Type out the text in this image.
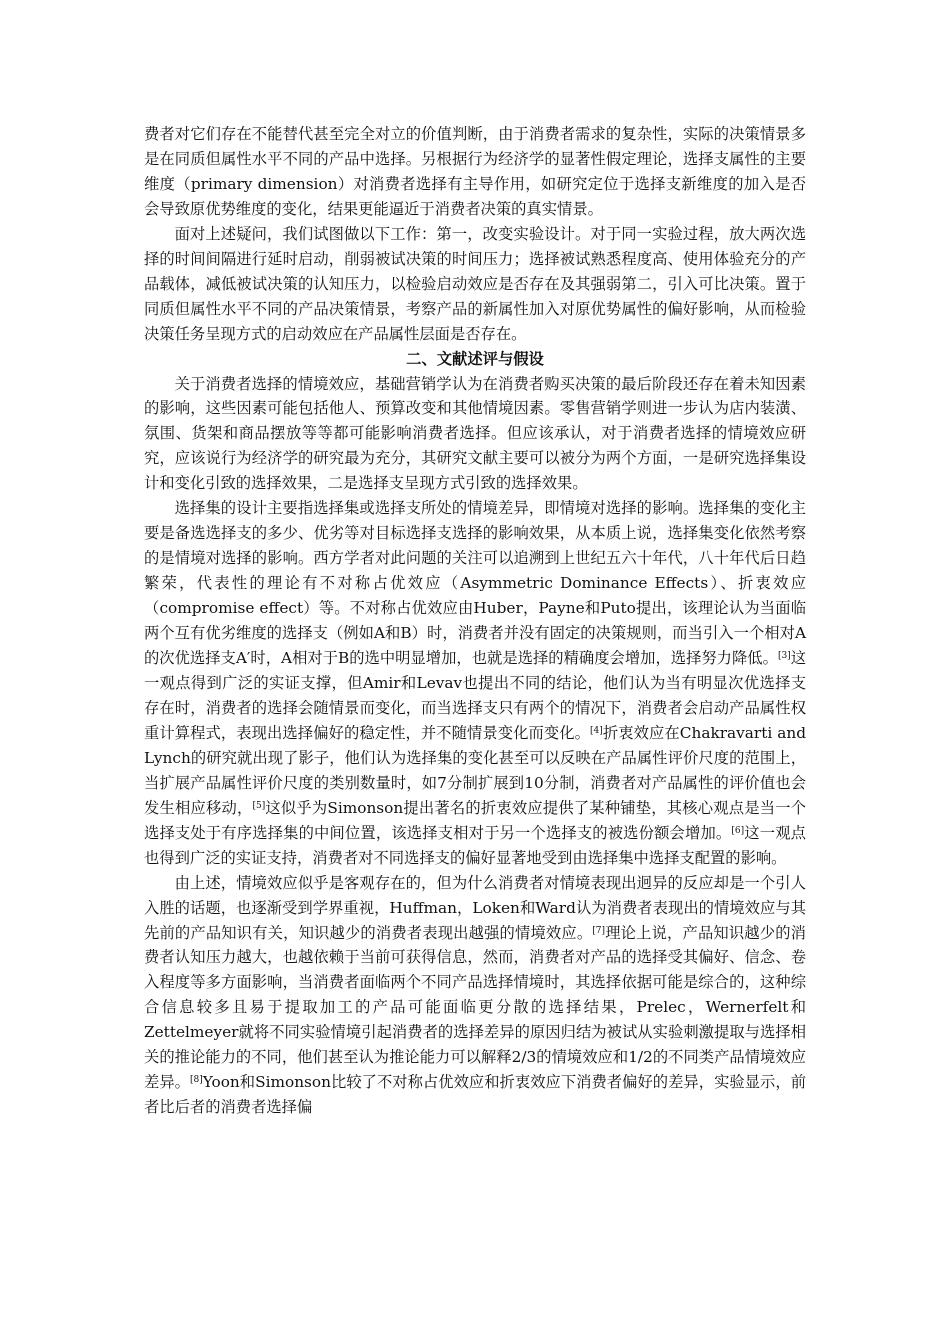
费者对它们存在不能替代甚至完全对立的价值判断，由于消费者需求的复杂性，实际的决策情景多是在同质但属性水平不同的产品中选择。另根据行为经济学的显著性假定理论，选择支属性的主要维度（primary dimension）对消费者选择有主导作用，如研究定位于选择支新维度的加入是否会导致原优势维度的变化，结果更能逼近于消费者决策的真实情景。

面对上述疑问，我们试图做以下工作：第一，改变实验设计。对于同一实验过程，放大两次选择的时间间隔进行延时启动，削弱被试决策的时间压力；选择被试熟悉程度高、使用体验充分的产品载体，减低被试决策的认知压力，以检验启动效应是否存在及其强弱第二，引入可比决策。置于同质但属性水平不同的产品决策情景，考察产品的新属性加入对原优势属性的偏好影响，从而检验决策任务呈现方式的启动效应在产品属性层面是否存在。

二、文献述评与假设

关于消费者选择的情境效应，基础营销学认为在消费者购买决策的最后阶段还存在着未知因素的影响，这些因素可能包括他人、预算改变和其他情境因素。零售营销学则进一步认为店内装潢、氛围、货架和商品摆放等等都可能影响消费者选择。但应该承认，对于消费者选择的情境效应研究，应该说行为经济学的研究最为充分，其研究文献主要可以被分为两个方面，一是研究选择集设计和变化引致的选择效果，二是选择支呈现方式引致的选择效果。

选择集的设计主要指选择集或选择支所处的情境差异，即情境对选择的影响。选择集的变化主要是备选选择支的多少、优劣等对目标选择支选择的影响效果，从本质上说，选择集变化依然考察的是情境对选择的影响。西方学者对此问题的关注可以追溯到上世纪五六十年代，八十年代后日趋繁荣，代表性的理论有不对称占优效应（Asymmetric Dominance Effects）、折衷效应（compromise effect）等。不对称占优效应由Huber，Payne和Puto提出，该理论认为当面临两个互有优劣维度的选择支（例如A和B）时，消费者并没有固定的决策规则，而当引入一个相对A的次优选择支A′时，A相对于B的选中明显增加，也就是选择的精确度会增加，选择努力降低。[3]这一观点得到广泛的实证支撑，但Amir和Levav也提出不同的结论，他们认为当有明显次优选择支存在时，消费者的选择会随情景而变化，而当选择支只有两个的情况下，消费者会启动产品属性权重计算程式，表现出选择偏好的稳定性，并不随情景变化而变化。[4]折衷效应在Chakravarti and Lynch的研究就出现了影子，他们认为选择集的变化甚至可以反映在产品属性评价尺度的范围上，当扩展产品属性评价尺度的类别数量时，如7分制扩展到10分制，消费者对产品属性的评价值也会发生相应移动，[5]这似乎为Simonson提出著名的折衷效应提供了某种铺垫，其核心观点是当一个选择支处于有序选择集的中间位置，该选择支相对于另一个选择支的被选份额会增加。[6]这一观点也得到广泛的实证支持，消费者对不同选择支的偏好显著地受到由选择集中选择支配置的影响。

由上述，情境效应似乎是客观存在的，但为什么消费者对情境表现出迥异的反应却是一个引人入胜的话题，也逐渐受到学界重视，Huffman，Loken和Ward认为消费者表现出的情境效应与其先前的产品知识有关，知识越少的消费者表现出越强的情境效应。[7]理论上说，产品知识越少的消费者认知压力越大，也越依赖于当前可获得信息，然而，消费者对产品的选择受其偏好、信念、卷入程度等多方面影响，当消费者面临两个不同产品选择情境时，其选择依据可能是综合的，这种综合信息较多且易于提取加工的产品可能面临更分散的选择结果，Prelec，Wernerfelt和Zettelmeyer就将不同实验情境引起消费者的选择差异的原因归结为被试从实验刺激提取与选择相关的推论能力的不同，他们甚至认为推论能力可以解释2/3的情境效应和1/2的不同类产品情境效应差异。[8]Yoon和Simonson比较了不对称占优效应和折衷效应下消费者偏好的差异，实验显示，前者比后者的消费者选择偏
